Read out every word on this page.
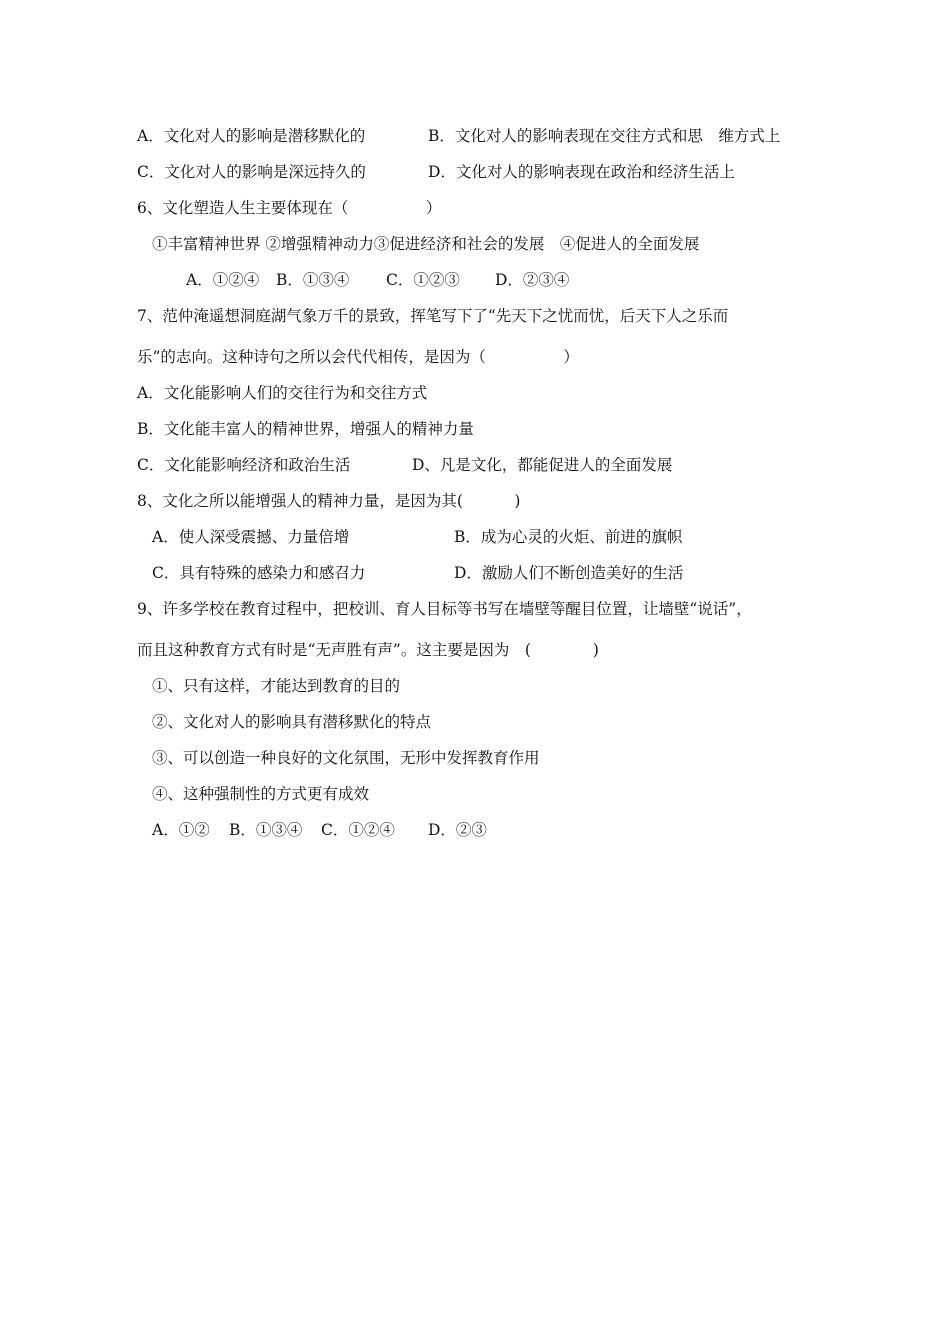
A．文化对人的影响是潜移默化的	B．文化对人的影响表现在交往方式和思　维方式上
C．文化对人的影响是深远持久的	D．文化对人的影响表现在政治和经济生活上
6、文化塑造人生主要体现在（　　　　　）
①丰富精神世界 ②增强精神动力③促进经济和社会的发展　④促进人的全面发展
A．①②④ B．①③④ C．①②③ D．②③④
7、范仲淹遥想洞庭湖气象万千的景致，挥笔写下了“先天下之忧而忧，后天下人之乐而
乐”的志向。这种诗句之所以会代代相传，是因为（　　　　　）
A．文化能影响人们的交往行为和交往方式
B．文化能丰富人的精神世界，增强人的精神力量
C．文化能影响经济和政治生活	D、凡是文化，都能促进人的全面发展
8、文化之所以能增强人的精神力量，是因为其(　　　 )
A．使人深受震撼、力量倍增	B．成为心灵的火炬、前进的旗帜
C．具有特殊的感染力和感召力	D．激励人们不断创造美好的生活
9、许多学校在教育过程中，把校训、育人目标等书写在墙壁等醒目位置，让墙壁“说话”，
而且这种教育方式有时是“无声胜有声”。这主要是因为　(　　　　)
①、只有这样，才能达到教育的目的
②、文化对人的影响具有潜移默化的特点
③、可以创造一种良好的文化氛围，无形中发挥教育作用
④、这种强制性的方式更有成效
A．①② B．①③④ C．①②④ D．②③
